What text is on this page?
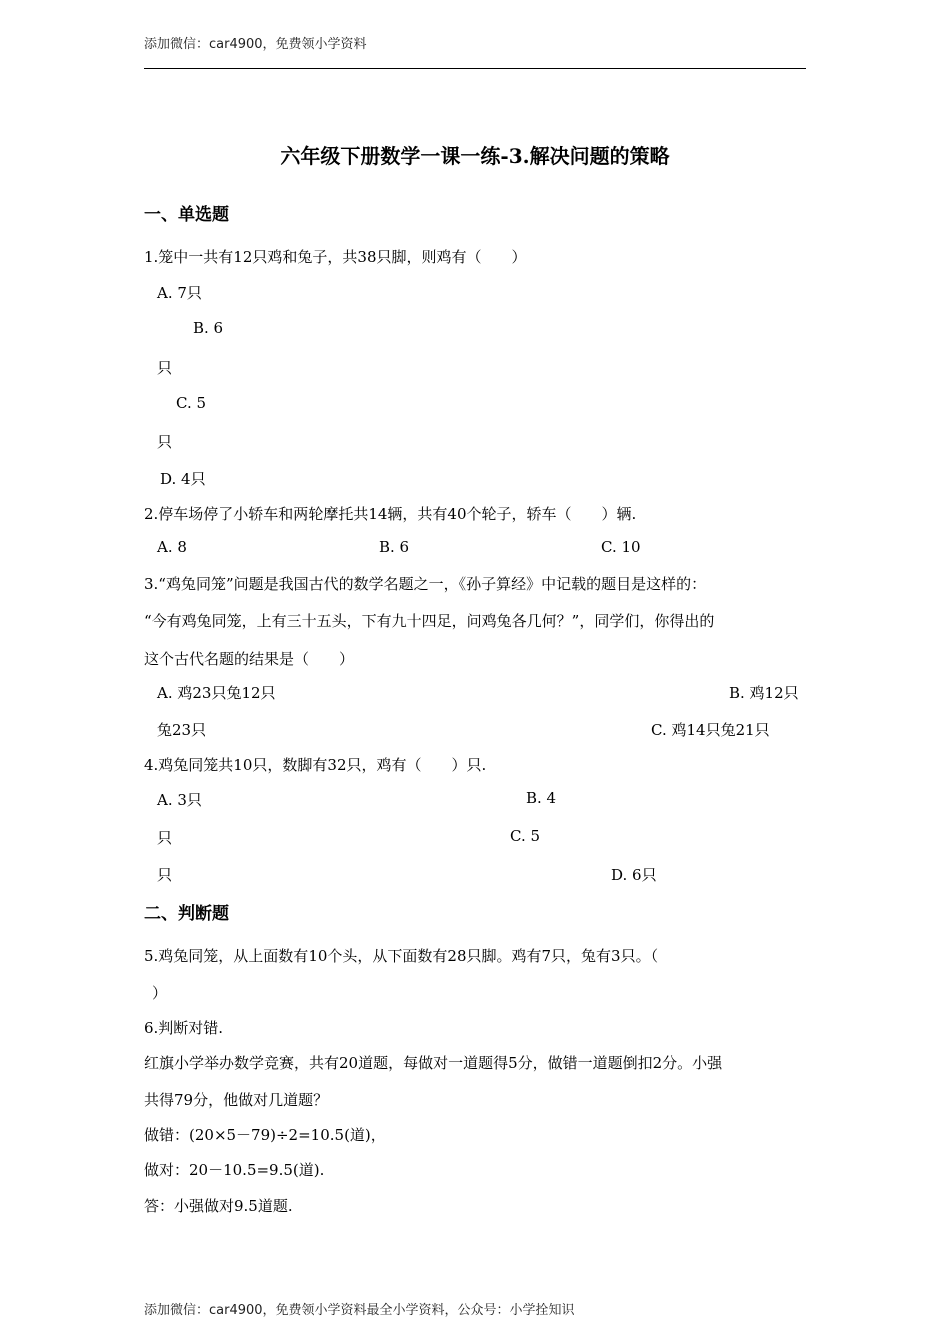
添加微信：car4900，免费领小学资料
六年级下册数学一课一练-3.解决问题的策略
一、单选题
1.笼中一共有12只鸡和兔子，共38只脚，则鸡有（　　）
A. 7只
B. 6
只
C. 5
只
D. 4只
2.停车场停了小轿车和两轮摩托共14辆，共有40个轮子，轿车（　　）辆.
A. 8	B. 6	C. 10
3.“鸡兔同笼”问题是我国古代的数学名题之一，《孙子算经》中记载的题目是这样的：
“今有鸡兔同笼，上有三十五头，下有九十四足，问鸡兔各几何？”，同学们，你得出的
这个古代名题的结果是（　　）
A. 鸡23只兔12只	B. 鸡12只
兔23只	C. 鸡14只兔21只
4.鸡兔同笼共10只，数脚有32只，鸡有（　　）只.
A. 3只	B. 4
只	C. 5
只	D. 6只
二、判断题
5.鸡兔同笼，从上面数有10个头，从下面数有28只脚。鸡有7只，兔有3只。（
）
6.判断对错.
红旗小学举办数学竞赛，共有20道题，每做对一道题得5分，做错一道题倒扣2分。小强
共得79分，他做对几道题？
做错：(20×5－79)÷2=10.5(道)，
做对：20－10.5=9.5(道).
答：小强做对9.5道题.
添加微信：car4900，免费领小学资料最全小学资料，公众号：小学拴知识
